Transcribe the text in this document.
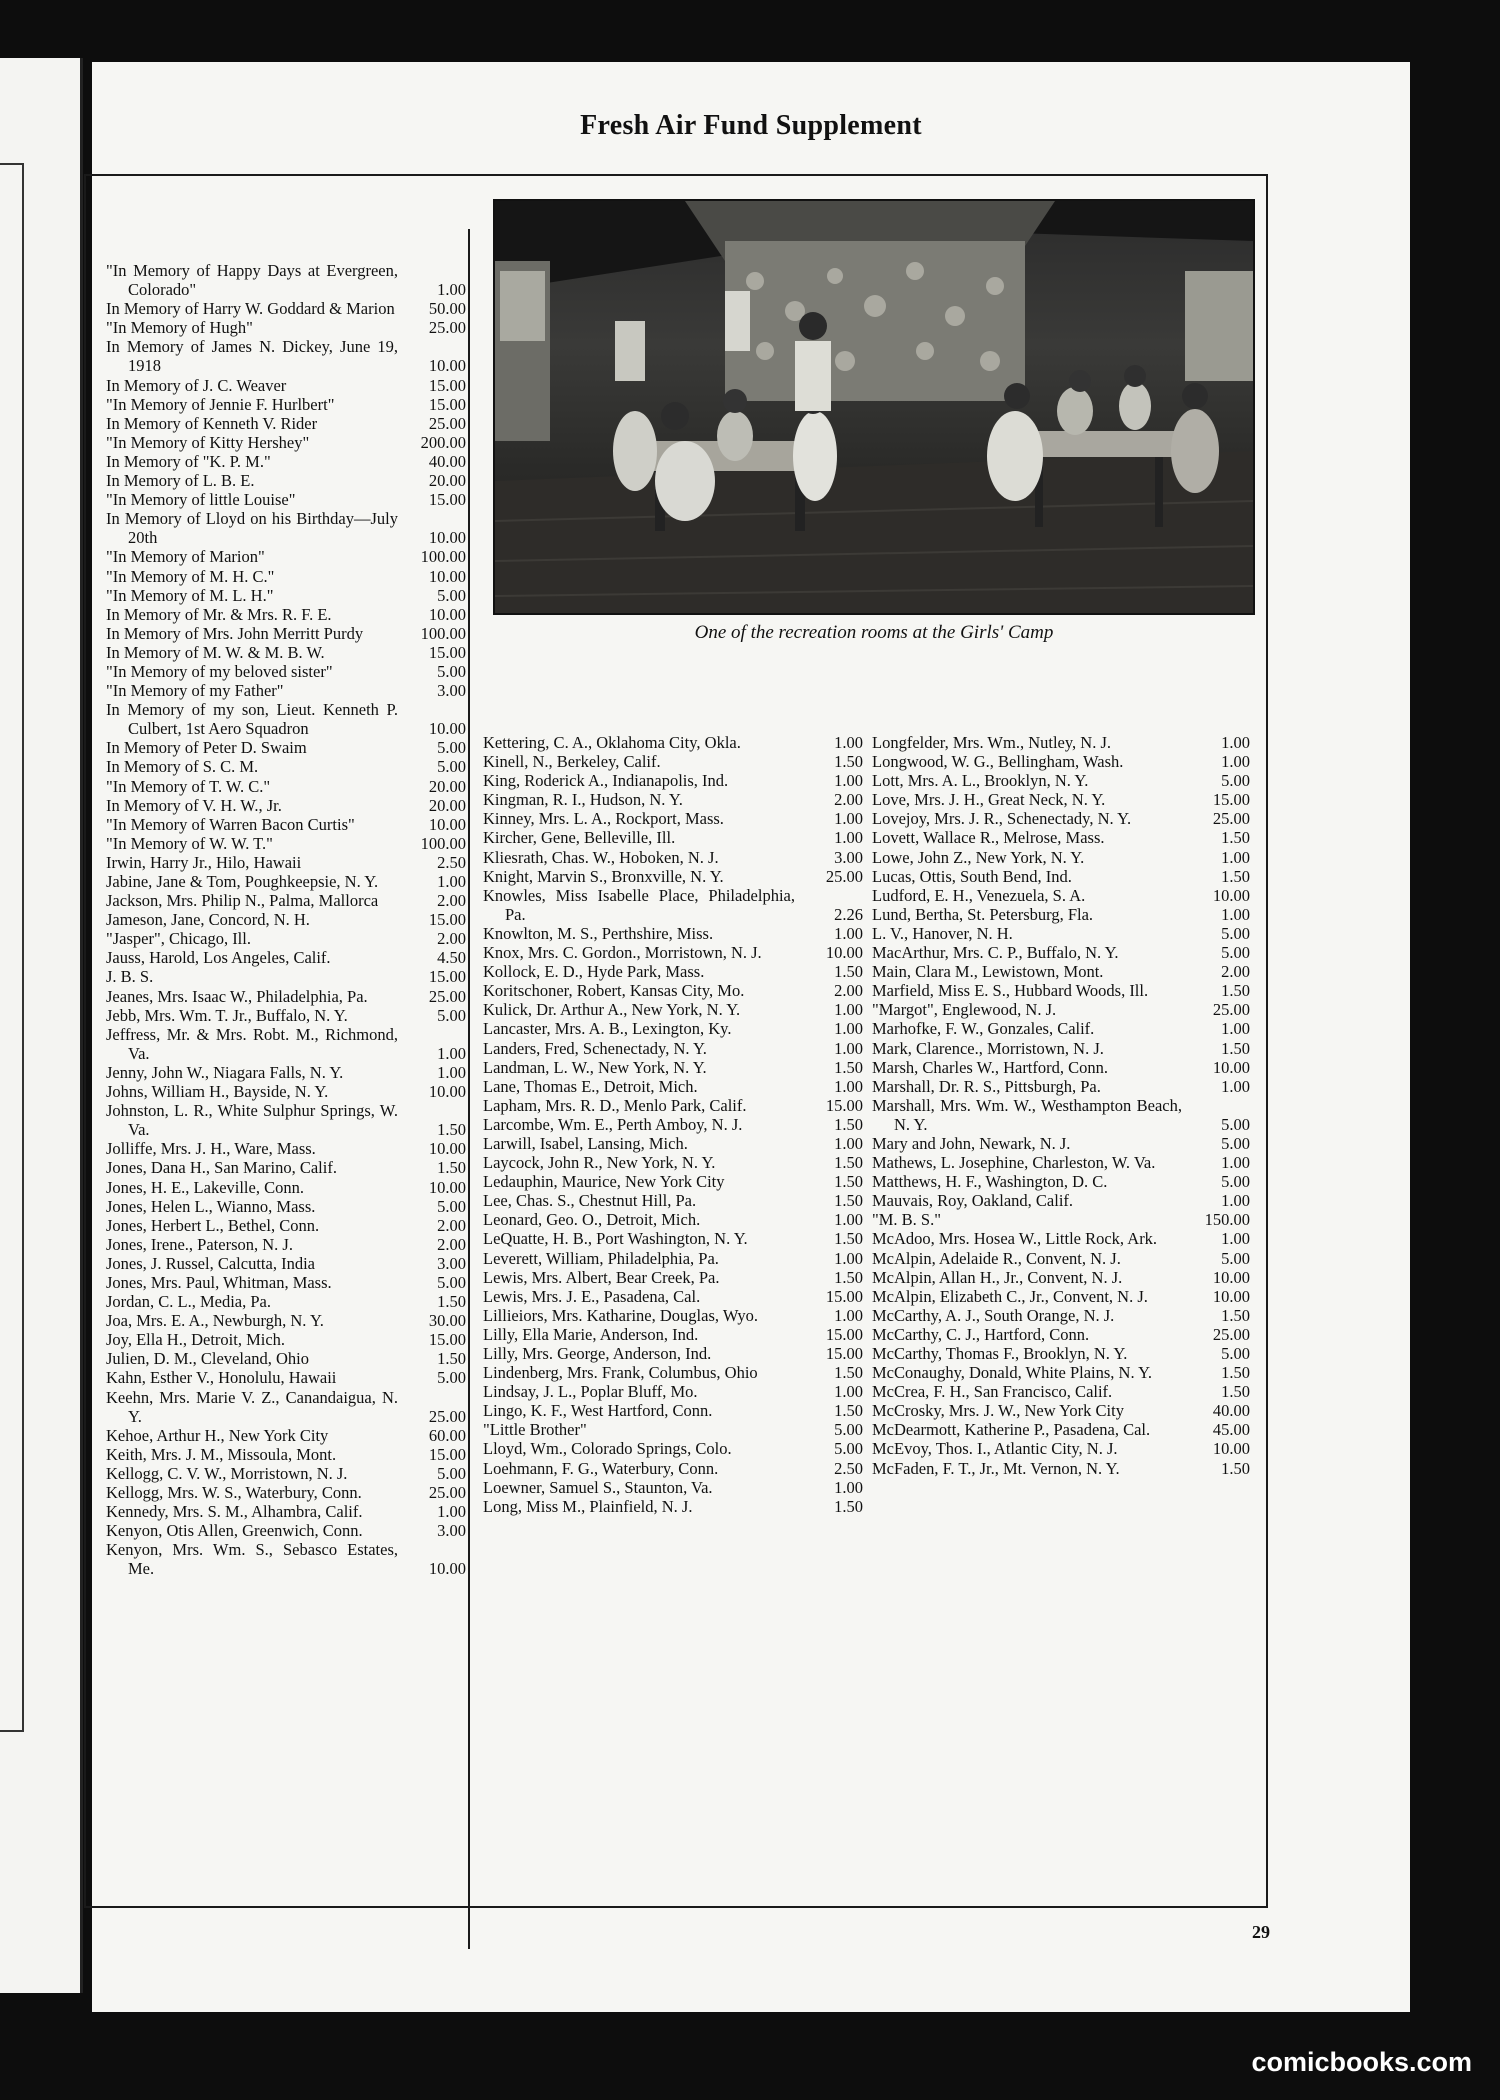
Fresh Air Fund Supplement
One of the recreation rooms at the Girls' Camp
"In Memory of Happy Days at Evergreen, Colorado"	1.00
In Memory of Harry W. Goddard & Marion	50.00
"In Memory of Hugh"	25.00
In Memory of James N. Dickey, June 19, 1918	10.00
In Memory of J. C. Weaver	15.00
"In Memory of Jennie F. Hurlbert"	15.00
In Memory of Kenneth V. Rider	25.00
"In Memory of Kitty Hershey"	200.00
In Memory of "K. P. M."	40.00
In Memory of L. B. E.	20.00
"In Memory of little Louise"	15.00
In Memory of Lloyd on his Birthday—July 20th	10.00
"In Memory of Marion"	100.00
"In Memory of M. H. C."	10.00
"In Memory of M. L. H."	5.00
In Memory of Mr. & Mrs. R. F. E.	10.00
In Memory of Mrs. John Merritt Purdy	100.00
In Memory of M. W. & M. B. W.	15.00
"In Memory of my beloved sister"	5.00
"In Memory of my Father"	3.00
In Memory of my son, Lieut. Kenneth P. Culbert, 1st Aero Squadron	10.00
In Memory of Peter D. Swaim	5.00
In Memory of S. C. M.	5.00
"In Memory of T. W. C."	20.00
In Memory of V. H. W., Jr.	20.00
"In Memory of Warren Bacon Curtis"	10.00
"In Memory of W. W. T."	100.00
Irwin, Harry Jr., Hilo, Hawaii	2.50
Jabine, Jane & Tom, Poughkeepsie, N. Y.	1.00
Jackson, Mrs. Philip N., Palma, Mallorca	2.00
Jameson, Jane, Concord, N. H.	15.00
"Jasper", Chicago, Ill.	2.00
Jauss, Harold, Los Angeles, Calif.	4.50
J. B. S.	15.00
Jeanes, Mrs. Isaac W., Philadelphia, Pa.	25.00
Jebb, Mrs. Wm. T. Jr., Buffalo, N. Y.	5.00
Jeffress, Mr. & Mrs. Robt. M., Richmond, Va.	1.00
Jenny, John W., Niagara Falls, N. Y.	1.00
Johns, William H., Bayside, N. Y.	10.00
Johnston, L. R., White Sulphur Springs, W. Va.	1.50
Jolliffe, Mrs. J. H., Ware, Mass.	10.00
Jones, Dana H., San Marino, Calif.	1.50
Jones, H. E., Lakeville, Conn.	10.00
Jones, Helen L., Wianno, Mass.	5.00
Jones, Herbert L., Bethel, Conn.	2.00
Jones, Irene., Paterson, N. J.	2.00
Jones, J. Russel, Calcutta, India	3.00
Jones, Mrs. Paul, Whitman, Mass.	5.00
Jordan, C. L., Media, Pa.	1.50
Joa, Mrs. E. A., Newburgh, N. Y.	30.00
Joy, Ella H., Detroit, Mich.	15.00
Julien, D. M., Cleveland, Ohio	1.50
Kahn, Esther V., Honolulu, Hawaii	5.00
Keehn, Mrs. Marie V. Z., Canandaigua, N. Y.	25.00
Kehoe, Arthur H., New York City	60.00
Keith, Mrs. J. M., Missoula, Mont.	15.00
Kellogg, C. V. W., Morristown, N. J.	5.00
Kellogg, Mrs. W. S., Waterbury, Conn.	25.00
Kennedy, Mrs. S. M., Alhambra, Calif.	1.00
Kenyon, Otis Allen, Greenwich, Conn.	3.00
Kenyon, Mrs. Wm. S., Sebasco Estates, Me.	10.00
Kettering, C. A., Oklahoma City, Okla.	1.00
Kinell, N., Berkeley, Calif.	1.50
King, Roderick A., Indianapolis, Ind.	1.00
Kingman, R. I., Hudson, N. Y.	2.00
Kinney, Mrs. L. A., Rockport, Mass.	1.00
Kircher, Gene, Belleville, Ill.	1.00
Kliesrath, Chas. W., Hoboken, N. J.	3.00
Knight, Marvin S., Bronxville, N. Y.	25.00
Knowles, Miss Isabelle Place, Philadelphia, Pa.	2.26
Knowlton, M. S., Perthshire, Miss.	1.00
Knox, Mrs. C. Gordon., Morristown, N. J.	10.00
Kollock, E. D., Hyde Park, Mass.	1.50
Koritschoner, Robert, Kansas City, Mo.	2.00
Kulick, Dr. Arthur A., New York, N. Y.	1.00
Lancaster, Mrs. A. B., Lexington, Ky.	1.00
Landers, Fred, Schenectady, N. Y.	1.00
Landman, L. W., New York, N. Y.	1.50
Lane, Thomas E., Detroit, Mich.	1.00
Lapham, Mrs. R. D., Menlo Park, Calif.	15.00
Larcombe, Wm. E., Perth Amboy, N. J.	1.50
Larwill, Isabel, Lansing, Mich.	1.00
Laycock, John R., New York, N. Y.	1.50
Ledauphin, Maurice, New York City	1.50
Lee, Chas. S., Chestnut Hill, Pa.	1.50
Leonard, Geo. O., Detroit, Mich.	1.00
LeQuatte, H. B., Port Washington, N. Y.	1.50
Leverett, William, Philadelphia, Pa.	1.00
Lewis, Mrs. Albert, Bear Creek, Pa.	1.50
Lewis, Mrs. J. E., Pasadena, Cal.	15.00
Lillieiors, Mrs. Katharine, Douglas, Wyo.	1.00
Lilly, Ella Marie, Anderson, Ind.	15.00
Lilly, Mrs. George, Anderson, Ind.	15.00
Lindenberg, Mrs. Frank, Columbus, Ohio	1.50
Lindsay, J. L., Poplar Bluff, Mo.	1.00
Lingo, K. F., West Hartford, Conn.	1.50
"Little Brother"	5.00
Lloyd, Wm., Colorado Springs, Colo.	5.00
Loehmann, F. G., Waterbury, Conn.	2.50
Loewner, Samuel S., Staunton, Va.	1.00
Long, Miss M., Plainfield, N. J.	1.50
Longfelder, Mrs. Wm., Nutley, N. J.	1.00
Longwood, W. G., Bellingham, Wash.	1.00
Lott, Mrs. A. L., Brooklyn, N. Y.	5.00
Love, Mrs. J. H., Great Neck, N. Y.	15.00
Lovejoy, Mrs. J. R., Schenectady, N. Y.	25.00
Lovett, Wallace R., Melrose, Mass.	1.50
Lowe, John Z., New York, N. Y.	1.00
Lucas, Ottis, South Bend, Ind.	1.50
Ludford, E. H., Venezuela, S. A.	10.00
Lund, Bertha, St. Petersburg, Fla.	1.00
L. V., Hanover, N. H.	5.00
MacArthur, Mrs. C. P., Buffalo, N. Y.	5.00
Main, Clara M., Lewistown, Mont.	2.00
Marfield, Miss E. S., Hubbard Woods, Ill.	1.50
"Margot", Englewood, N. J.	25.00
Marhofke, F. W., Gonzales, Calif.	1.00
Mark, Clarence., Morristown, N. J.	1.50
Marsh, Charles W., Hartford, Conn.	10.00
Marshall, Dr. R. S., Pittsburgh, Pa.	1.00
Marshall, Mrs. Wm. W., Westhampton Beach, N. Y.	5.00
Mary and John, Newark, N. J.	5.00
Mathews, L. Josephine, Charleston, W. Va.	1.00
Matthews, H. F., Washington, D. C.	5.00
Mauvais, Roy, Oakland, Calif.	1.00
"M. B. S."	150.00
McAdoo, Mrs. Hosea W., Little Rock, Ark.	1.00
McAlpin, Adelaide R., Convent, N. J.	5.00
McAlpin, Allan H., Jr., Convent, N. J.	10.00
McAlpin, Elizabeth C., Jr., Convent, N. J.	10.00
McCarthy, A. J., South Orange, N. J.	1.50
McCarthy, C. J., Hartford, Conn.	25.00
McCarthy, Thomas F., Brooklyn, N. Y.	5.00
McConaughy, Donald, White Plains, N. Y.	1.50
McCrea, F. H., San Francisco, Calif.	1.50
McCrosky, Mrs. J. W., New York City	40.00
McDearmott, Katherine P., Pasadena, Cal.	45.00
McEvoy, Thos. I., Atlantic City, N. J.	10.00
McFaden, F. T., Jr., Mt. Vernon, N. Y.	1.50
29
comicbooks.com
